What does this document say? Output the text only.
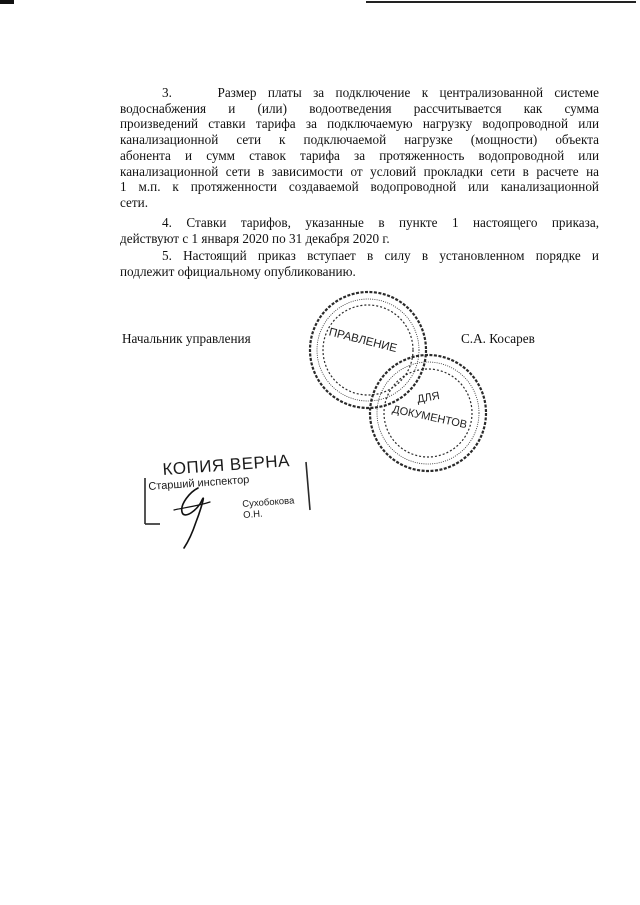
3.    Размер платы за подключение к централизованной системе
водоснабжения и (или) водоотведения рассчитывается как сумма
произведений ставки тарифа за подключаемую нагрузку водопроводной или
канализационной сети к подключаемой нагрузке (мощности) объекта
абонента и сумм ставок тарифа за протяженность водопроводной или
канализационной сети в зависимости от условий прокладки сети в расчете на
1 м.п. к протяженности создаваемой водопроводной или канализационной
сети.
4. Ставки тарифов, указанные в пункте 1 настоящего приказа,
действуют с 1 января 2020 по 31 декабря 2020 г.
5. Настоящий приказ вступает в силу в установленном порядке и
подлежит официальному опубликованию.
Начальник управления	С.А. Косарев
ПРАВЛЕНИЕ
ДЛЯ
ДОКУМЕНТОВ
КОПИЯ ВЕРНА
Старший инспектор
Сухобокова О.Н.
